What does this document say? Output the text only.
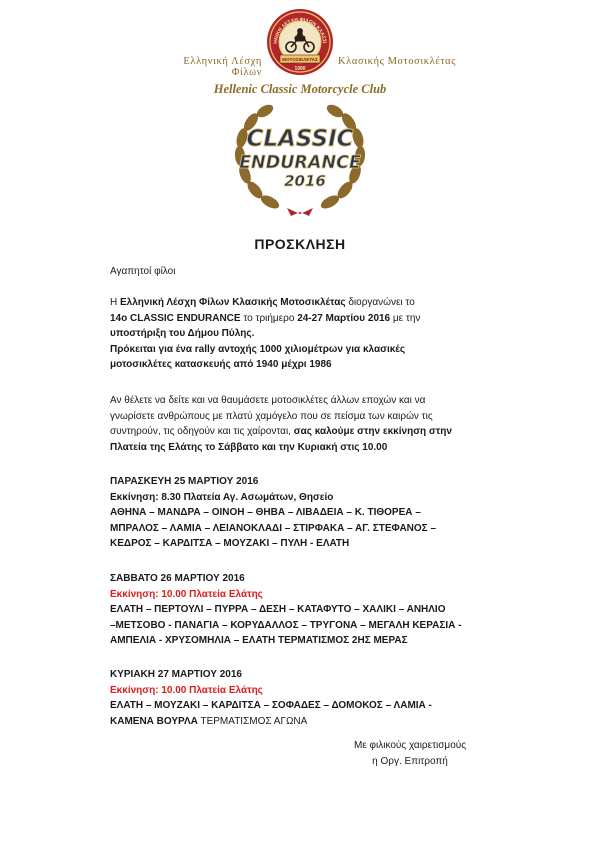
ΗΝΙΚΗ ΛΕΣΧΗ ΦΙΛΩΝ ΚΛΑΣΣΙ
ΜΟΤΟΣΙΚΛΕΤΑΣ
1990
Ελληνική Λέσχη Φίλων
Κλασικής Μοτοσικλέτας
Hellenic Classic Motorcycle Club
CLASSIC
ENDURANCE
2016
ΠΡΟΣΚΛΗΣΗ
Αγαπητοί φίλοι
Η Ελληνική Λέσχη Φίλων Κλασικής Μοτοσικλέτας διοργανώνει το
14ο CLASSIC ENDURANCE το τριήμερο 24-27 Μαρτίου 2016 με την
υποστήριξη του Δήμου Πύλης.
Πρόκειται για ένα rally αντοχής 1000 χιλιομέτρων για κλασικές
μοτοσικλέτες κατασκευής από 1940 μέχρι 1986
Αν θέλετε να δείτε και να θαυμάσετε μοτοσικλέτες άλλων εποχών και να
γνωρίσετε ανθρώπους με πλατύ χαμόγελο που σε πείσμα των καιρών τις
συντηρούν, τις οδηγούν και τις χαίρονται, σας καλούμε στην εκκίνηση στην
Πλατεία της Ελάτης το Σάββατο και την Κυριακή στις 10.00
ΠΑΡΑΣΚΕΥΗ 25 ΜΑΡΤΙΟΥ 2016
Εκκίνηση: 8.30 Πλατεία Αγ. Ασωμάτων, Θησείο
ΑΘΗΝΑ – ΜΑΝΔΡΑ – ΟΙΝΟΗ – ΘΗΒΑ – ΛΙΒΑΔΕΙΑ – Κ. ΤΙΘΟΡΕΑ –
ΜΠΡΑΛΟΣ – ΛΑΜΙΑ – ΛΕΙΑΝΟΚΛΑΔΙ – ΣΤΙΡΦΑΚΑ – ΑΓ. ΣΤΕΦΑΝΟΣ –
ΚΕΔΡΟΣ – ΚΑΡΔΙΤΣΑ – ΜΟΥΖΑΚΙ – ΠΥΛΗ - ΕΛΑΤΗ
ΣΑΒΒΑΤΟ 26 ΜΑΡΤΙΟΥ 2016
Εκκίνηση: 10.00 Πλατεία Ελάτης
ΕΛΑΤΗ – ΠΕΡΤΟΥΛΙ – ΠΥΡΡΑ – ΔΕΣΗ – ΚΑΤΑΦΥΤΟ – ΧΑΛΙΚΙ – ΑΝΗΛΙΟ
–ΜΕΤΣΟΒΟ - ΠΑΝΑΓΙΑ – ΚΟΡΥΔΑΛΛΟΣ – ΤΡΥΓΟΝΑ – ΜΕΓΑΛΗ ΚΕΡΑΣΙΑ -
ΑΜΠΕΛΙΑ - ΧΡΥΣΟΜΗΛΙΑ – ΕΛΑΤΗ ΤΕΡΜΑΤΙΣΜΟΣ 2ΗΣ ΜΕΡΑΣ
ΚΥΡΙΑΚΗ 27 ΜΑΡΤΙΟΥ 2016
Εκκίνηση: 10.00 Πλατεία Ελάτης
ΕΛΑΤΗ – ΜΟΥΖΑΚΙ – ΚΑΡΔΙΤΣΑ – ΣΟΦΑΔΕΣ – ΔΟΜΟΚΟΣ – ΛΑΜΙΑ -
ΚΑΜΕΝΑ ΒΟΥΡΛΑ ΤΕΡΜΑΤΙΣΜΟΣ ΑΓΩΝΑ
Με φιλικούς χαιρετισμούς
η Οργ. Επιτροπή
